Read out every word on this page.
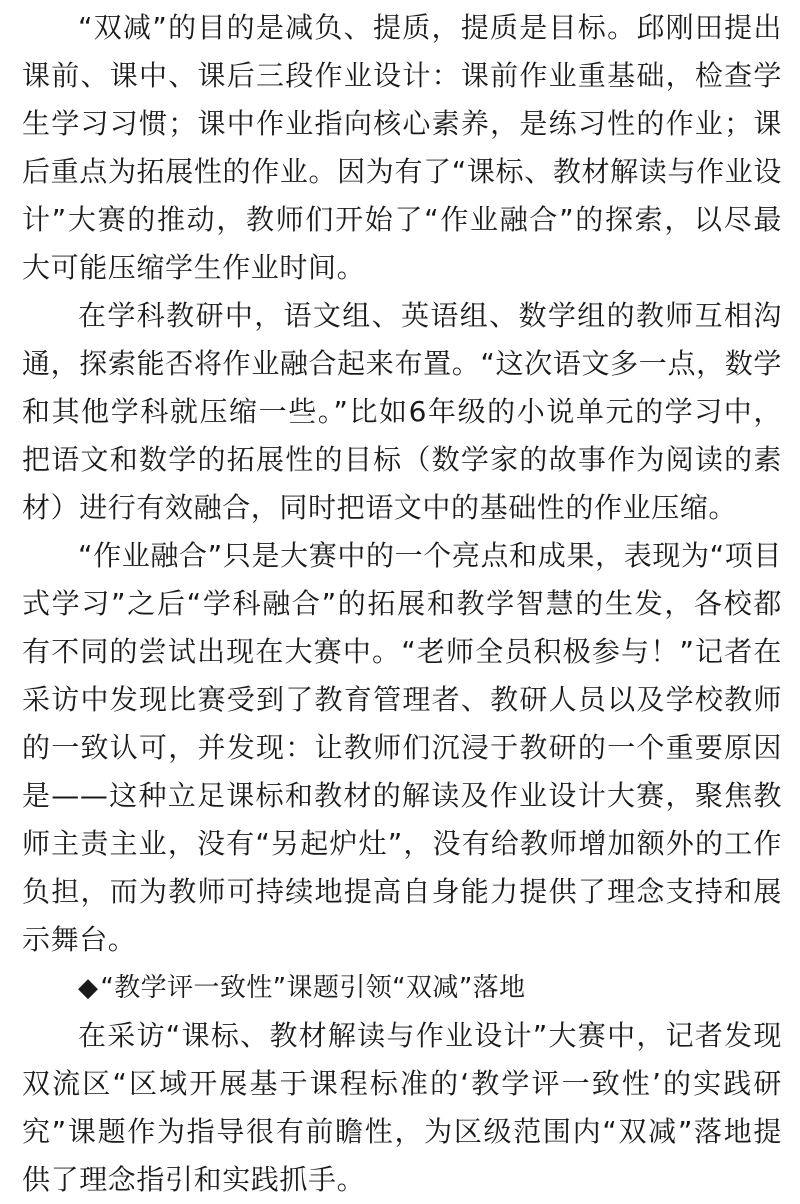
“双减”的目的是减负、提质，提质是目标。邱刚田提出课前、课中、课后三段作业设计：课前作业重基础，检查学生学习习惯；课中作业指向核心素养，是练习性的作业；课后重点为拓展性的作业。因为有了“课标、教材解读与作业设计”大赛的推动，教师们开始了“作业融合”的探索，以尽最大可能压缩学生作业时间。

在学科教研中，语文组、英语组、数学组的教师互相沟通，探索能否将作业融合起来布置。“这次语文多一点，数学和其他学科就压缩一些。”比如6年级的小说单元的学习中，把语文和数学的拓展性的目标（数学家的故事作为阅读的素材）进行有效融合，同时把语文中的基础性的作业压缩。

“作业融合”只是大赛中的一个亮点和成果，表现为“项目式学习”之后“学科融合”的拓展和教学智慧的生发，各校都有不同的尝试出现在大赛中。“老师全员积极参与！”记者在采访中发现比赛受到了教育管理者、教研人员以及学校教师的一致认可，并发现：让教师们沉浸于教研的一个重要原因是——这种立足课标和教材的解读及作业设计大赛，聚焦教师主责主业，没有“另起炉灶”，没有给教师增加额外的工作负担，而为教师可持续地提高自身能力提供了理念支持和展示舞台。

◆“教学评一致性”课题引领“双减”落地

在采访“课标、教材解读与作业设计”大赛中，记者发现双流区“区域开展基于课程标准的‘教学评一致性’的实践研究”课题作为指导很有前瞻性，为区级范围内“双减”落地提供了理念指引和实践抓手。
